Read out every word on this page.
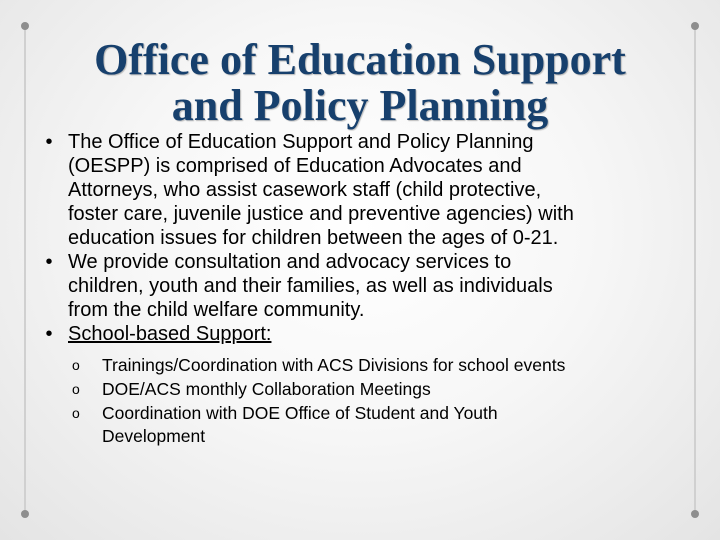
Office of Education Support
and Policy Planning

• The Office of Education Support and Policy Planning
(OESPP) is comprised of Education Advocates and
Attorneys, who assist casework staff (child protective,
foster care, juvenile justice and preventive agencies) with
education issues for children between the ages of 0-21.

• We provide consultation and advocacy services to
children, youth and their families, as well as individuals
from the child welfare community.

• School-based Support:

o	Trainings/Coordination with ACS Divisions for school events

o	DOE/ACS monthly Collaboration Meetings

o	Coordination with DOE Office of Student and Youth
Development
